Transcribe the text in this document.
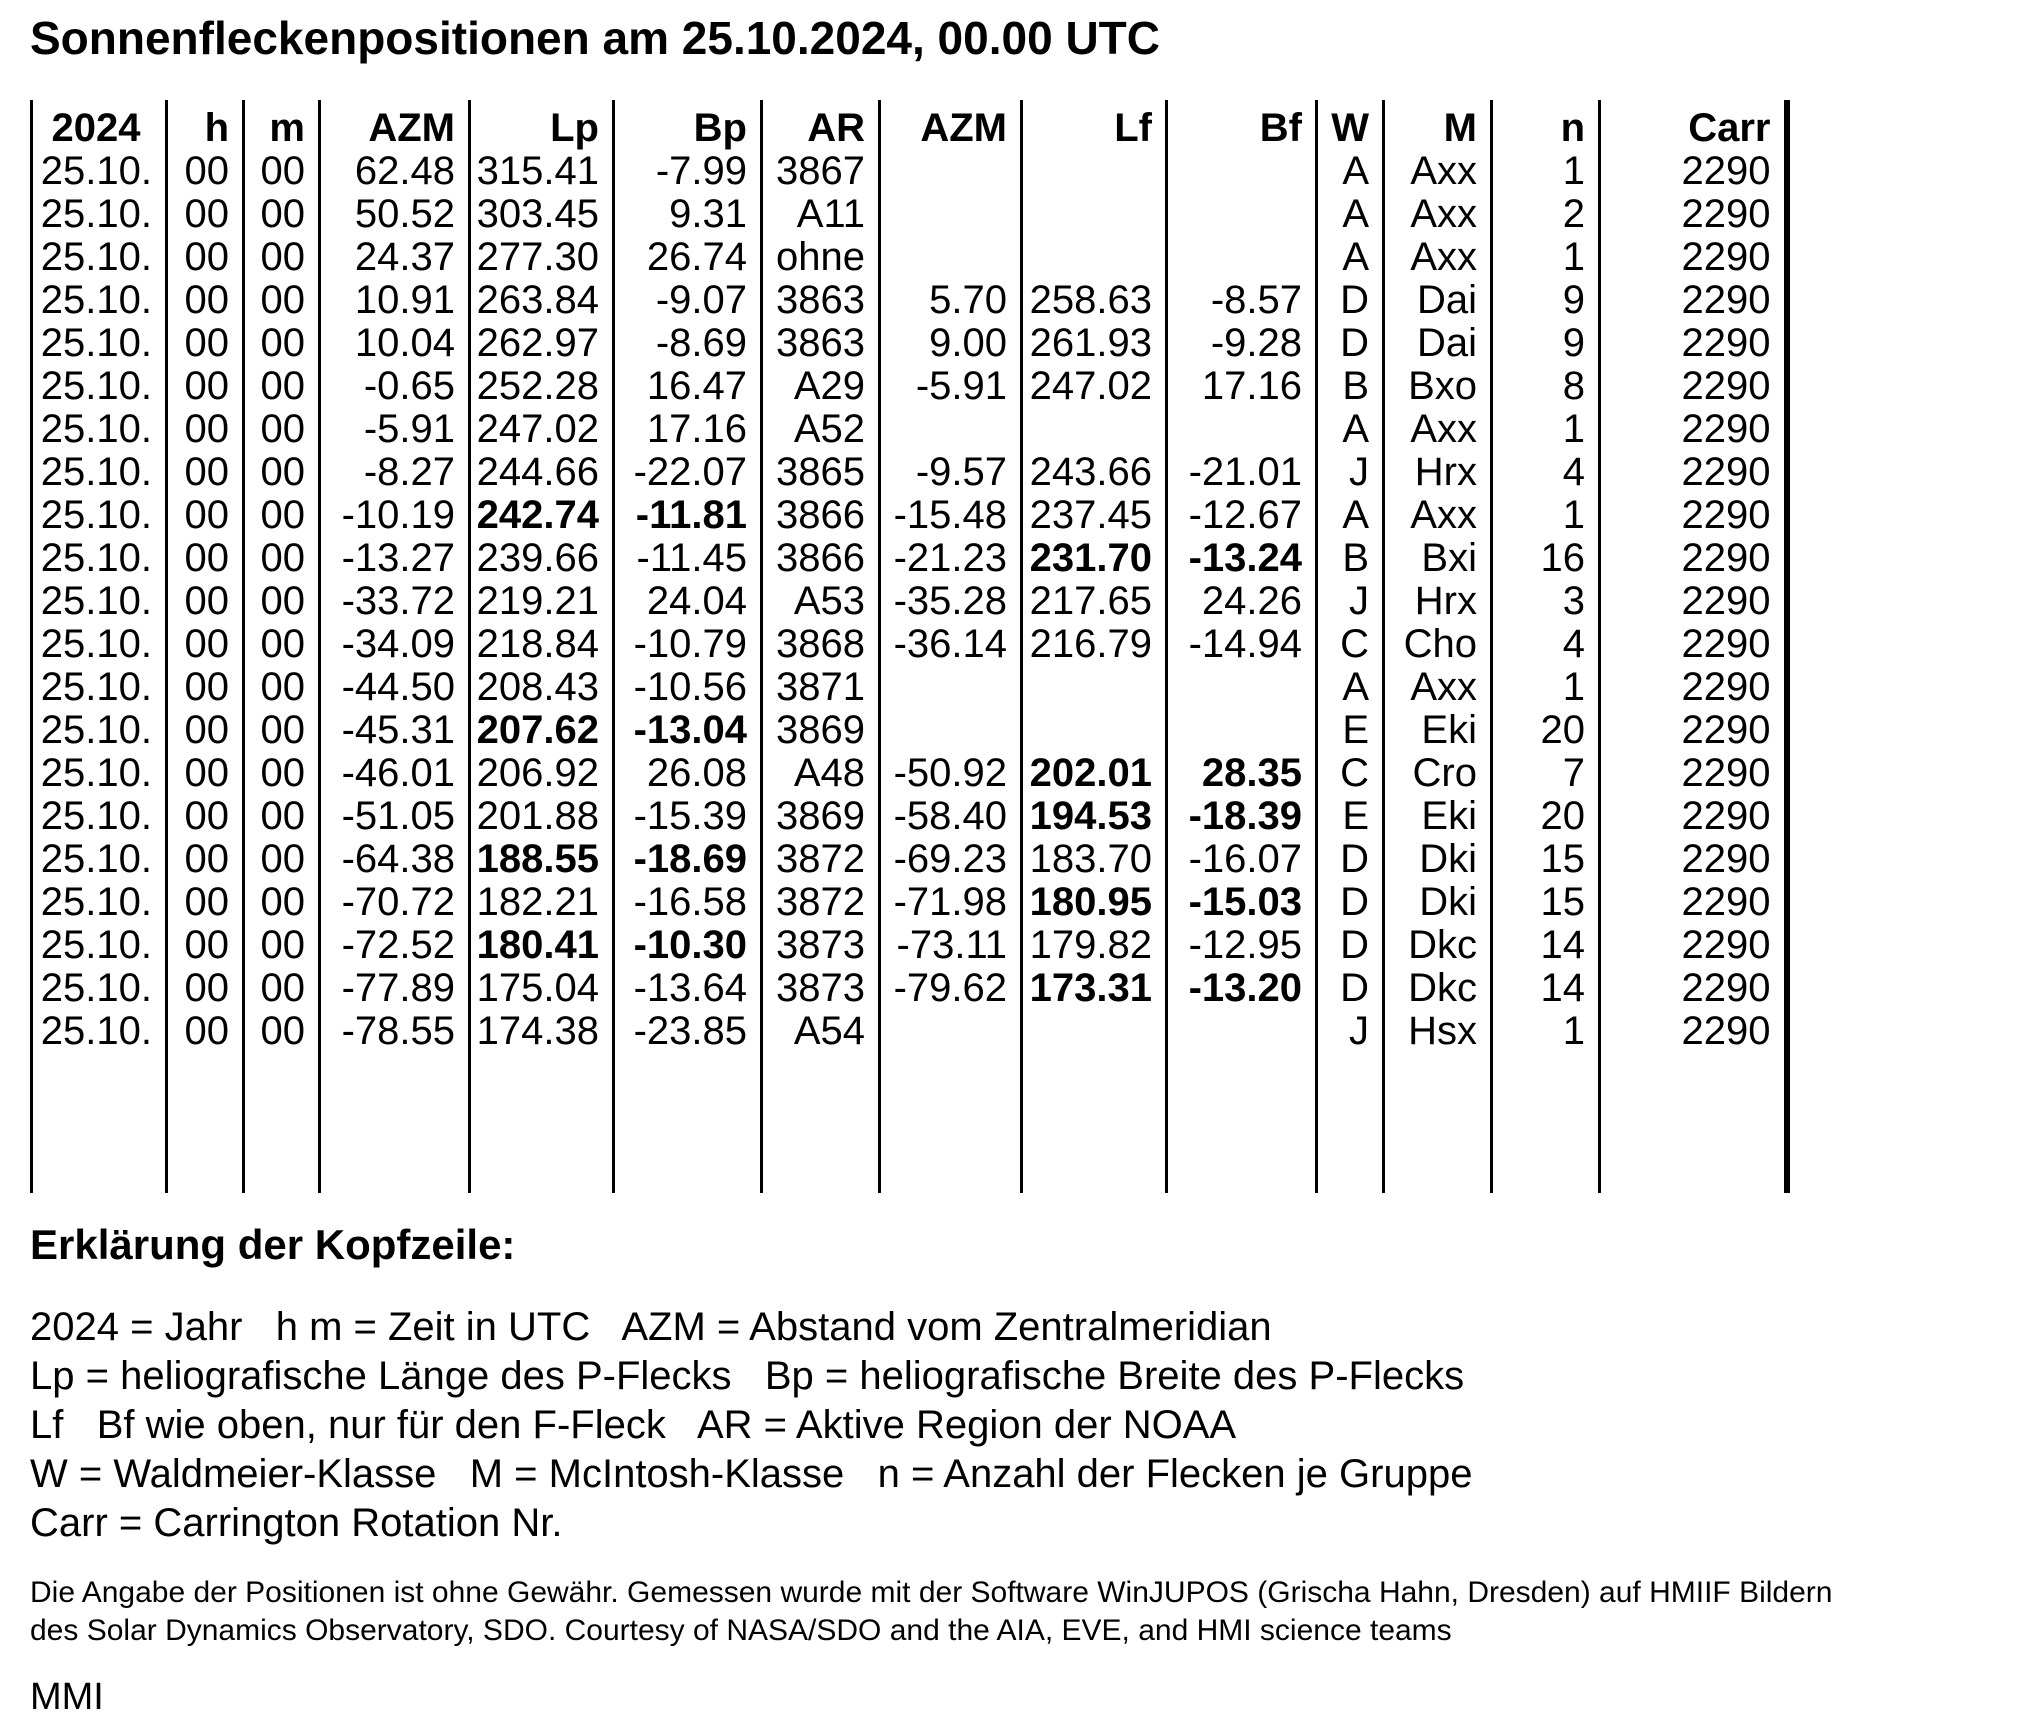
Sonnenfleckenpositionen am 25.10.2024, 00.00 UTC
2024	h	m	AZM	Lp	Bp	AR	AZM	Lf	Bf	W	M	n	Carr
25.10.	00	00	62.48	315.41	-7.99	3867				A	Axx	1	2290
25.10.	00	00	50.52	303.45	9.31	A11				A	Axx	2	2290
25.10.	00	00	24.37	277.30	26.74	ohne				A	Axx	1	2290
25.10.	00	00	10.91	263.84	-9.07	3863	5.70	258.63	-8.57	D	Dai	9	2290
25.10.	00	00	10.04	262.97	-8.69	3863	9.00	261.93	-9.28	D	Dai	9	2290
25.10.	00	00	-0.65	252.28	16.47	A29	-5.91	247.02	17.16	B	Bxo	8	2290
25.10.	00	00	-5.91	247.02	17.16	A52				A	Axx	1	2290
25.10.	00	00	-8.27	244.66	-22.07	3865	-9.57	243.66	-21.01	J	Hrx	4	2290
25.10.	00	00	-10.19	242.74	-11.81	3866	-15.48	237.45	-12.67	A	Axx	1	2290
25.10.	00	00	-13.27	239.66	-11.45	3866	-21.23	231.70	-13.24	B	Bxi	16	2290
25.10.	00	00	-33.72	219.21	24.04	A53	-35.28	217.65	24.26	J	Hrx	3	2290
25.10.	00	00	-34.09	218.84	-10.79	3868	-36.14	216.79	-14.94	C	Cho	4	2290
25.10.	00	00	-44.50	208.43	-10.56	3871				A	Axx	1	2290
25.10.	00	00	-45.31	207.62	-13.04	3869				E	Eki	20	2290
25.10.	00	00	-46.01	206.92	26.08	A48	-50.92	202.01	28.35	C	Cro	7	2290
25.10.	00	00	-51.05	201.88	-15.39	3869	-58.40	194.53	-18.39	E	Eki	20	2290
25.10.	00	00	-64.38	188.55	-18.69	3872	-69.23	183.70	-16.07	D	Dki	15	2290
25.10.	00	00	-70.72	182.21	-16.58	3872	-71.98	180.95	-15.03	D	Dki	15	2290
25.10.	00	00	-72.52	180.41	-10.30	3873	-73.11	179.82	-12.95	D	Dkc	14	2290
25.10.	00	00	-77.89	175.04	-13.64	3873	-79.62	173.31	-13.20	D	Dkc	14	2290
25.10.	00	00	-78.55	174.38	-23.85	A54				J	Hsx	1	2290

Erklärung der Kopfzeile:
2024 = Jahr   h m = Zeit in UTC   AZM = Abstand vom Zentralmeridian
Lp = heliografische Länge des P-Flecks   Bp = heliografische Breite des P-Flecks
Lf   Bf wie oben, nur für den F-Fleck   AR = Aktive Region der NOAA
W = Waldmeier-Klasse   M = McIntosh-Klasse   n = Anzahl der Flecken je Gruppe
Carr = Carrington Rotation Nr.
Die Angabe der Positionen ist ohne Gewähr. Gemessen wurde mit der Software WinJUPOS (Grischa Hahn, Dresden) auf HMIIF Bildern
des Solar Dynamics Observatory, SDO. Courtesy of NASA/SDO and the AIA, EVE, and HMI science teams
MMI
